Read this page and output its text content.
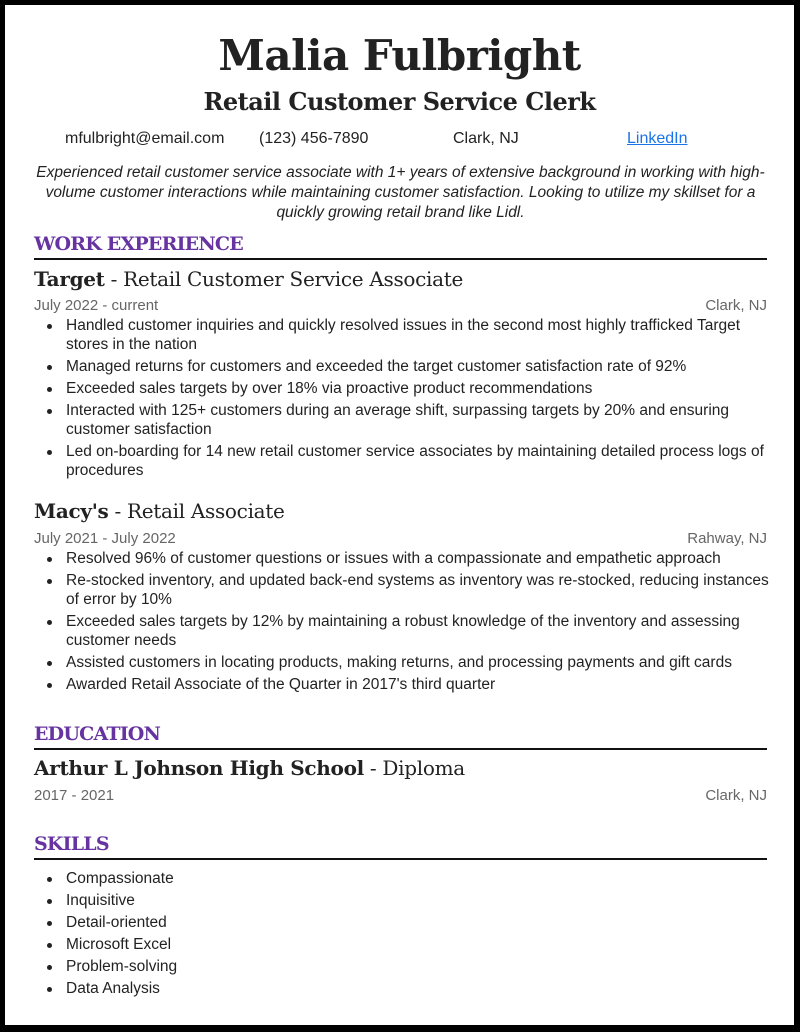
Malia Fulbright
Retail Customer Service Clerk
mfulbright@email.com (123) 456-7890	Clark, NJ	LinkedIn

Experienced retail customer service associate with 1+ years of extensive background in working with high-volume customer interactions while maintaining customer satisfaction. Looking to utilize my skillset for a quickly growing retail brand like Lidl.

WORK EXPERIENCE
Target - Retail Customer Service Associate
July 2022 - current	Clark, NJ
Handled customer inquiries and quickly resolved issues in the second most highly trafficked Target stores in the nation
Managed returns for customers and exceeded the target customer satisfaction rate of 92%
Exceeded sales targets by over 18% via proactive product recommendations
Interacted with 125+ customers during an average shift, surpassing targets by 20% and ensuring customer satisfaction
Led on-boarding for 14 new retail customer service associates by maintaining detailed process logs of procedures
Macy's - Retail Associate
July 2021 - July 2022	Rahway, NJ
Resolved 96% of customer questions or issues with a compassionate and empathetic approach
Re-stocked inventory, and updated back-end systems as inventory was re-stocked, reducing instances of error by 10%
Exceeded sales targets by 12% by maintaining a robust knowledge of the inventory and assessing customer needs
Assisted customers in locating products, making returns, and processing payments and gift cards
Awarded Retail Associate of the Quarter in 2017's third quarter
EDUCATION
Arthur L Johnson High School - Diploma
2017 - 2021	Clark, NJ
SKILLS
Compassionate
Inquisitive
Detail-oriented
Microsoft Excel
Problem-solving
Data Analysis
